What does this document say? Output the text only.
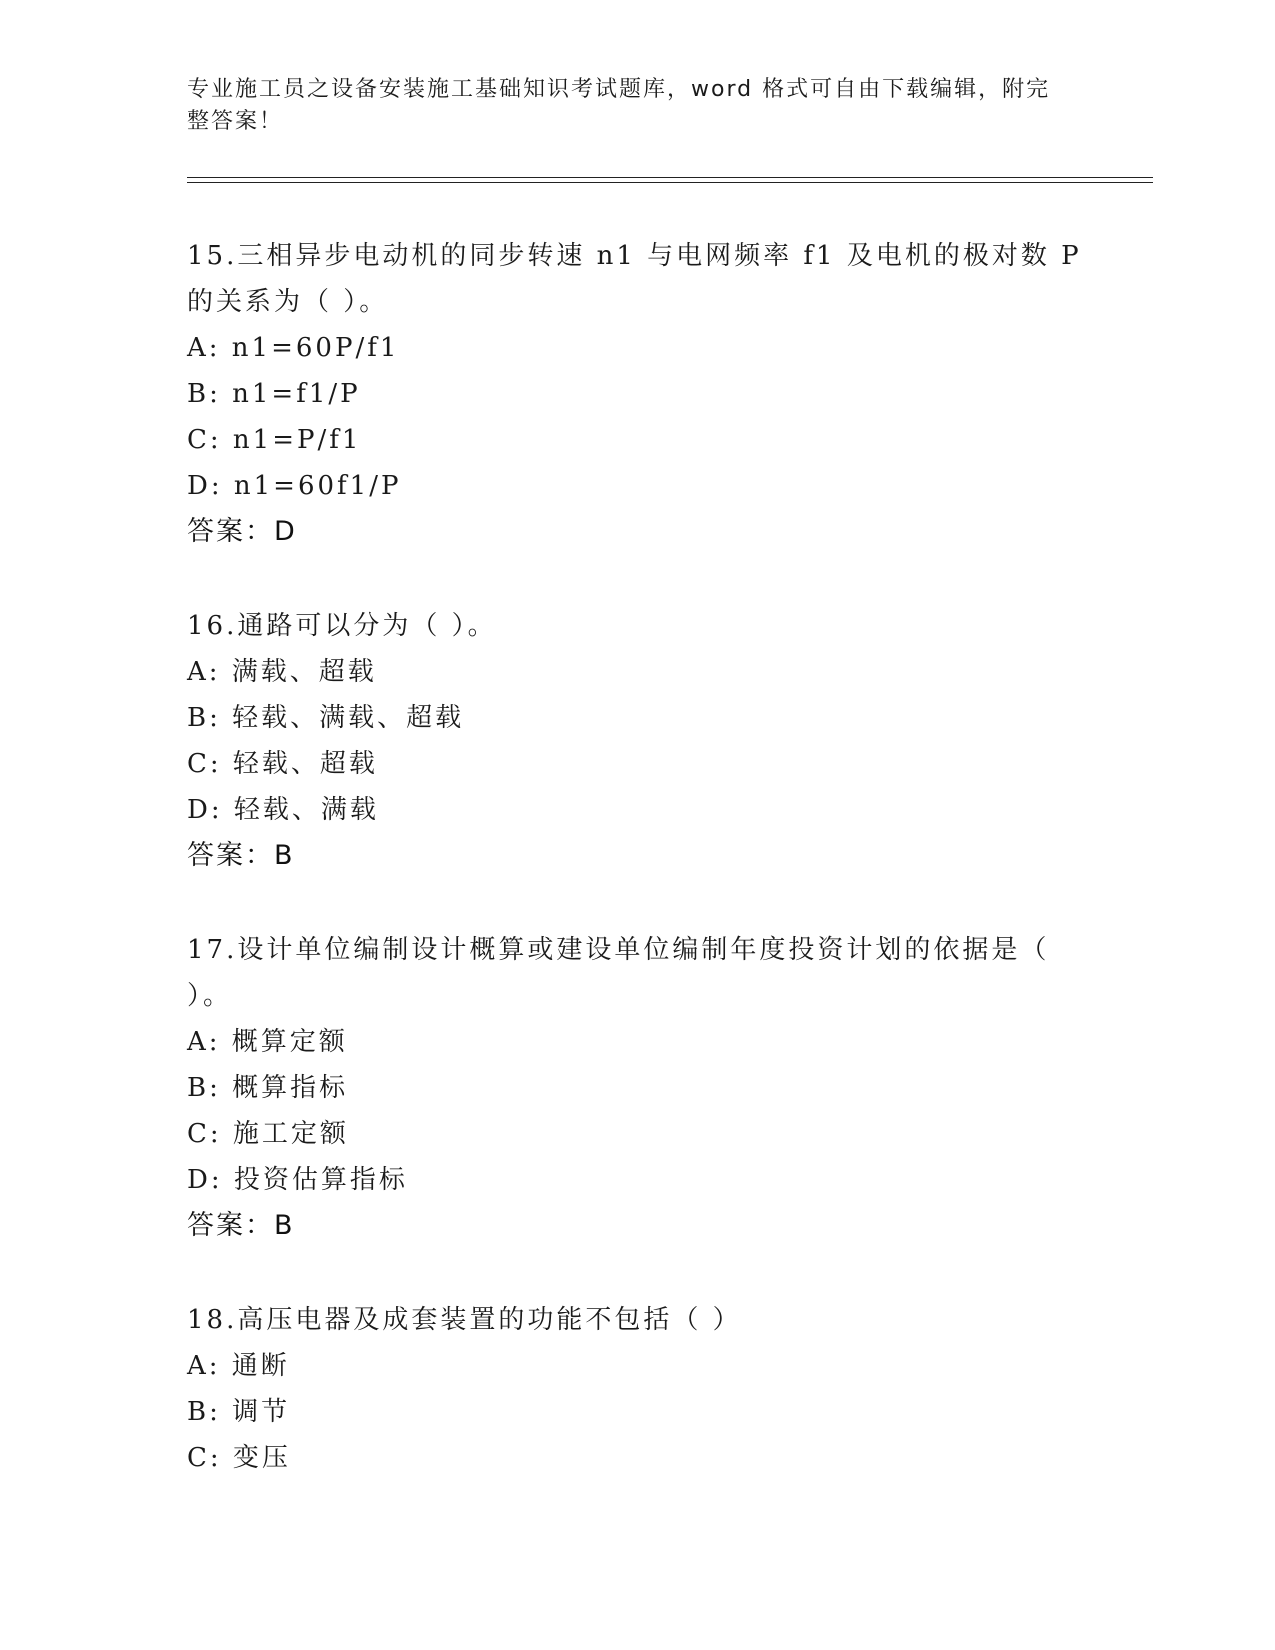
专业施工员之设备安装施工基础知识考试题库，word 格式可自由下载编辑，附完整答案！

15.三相异步电动机的同步转速 n1 与电网频率 f1 及电机的极对数 P 的关系为（ ）。

A: n1=60P/f1

B: n1=f1/P

C: n1=P/f1

D: n1=60f1/P

答案：D

16.通路可以分为（ ）。

A: 满载、超载

B: 轻载、满载、超载

C: 轻载、超载

D: 轻载、满载

答案：B

17.设计单位编制设计概算或建设单位编制年度投资计划的依据是（ ）。

A: 概算定额

B: 概算指标

C: 施工定额

D: 投资估算指标

答案：B

18.高压电器及成套装置的功能不包括（ ）

A: 通断

B: 调节

C: 变压
